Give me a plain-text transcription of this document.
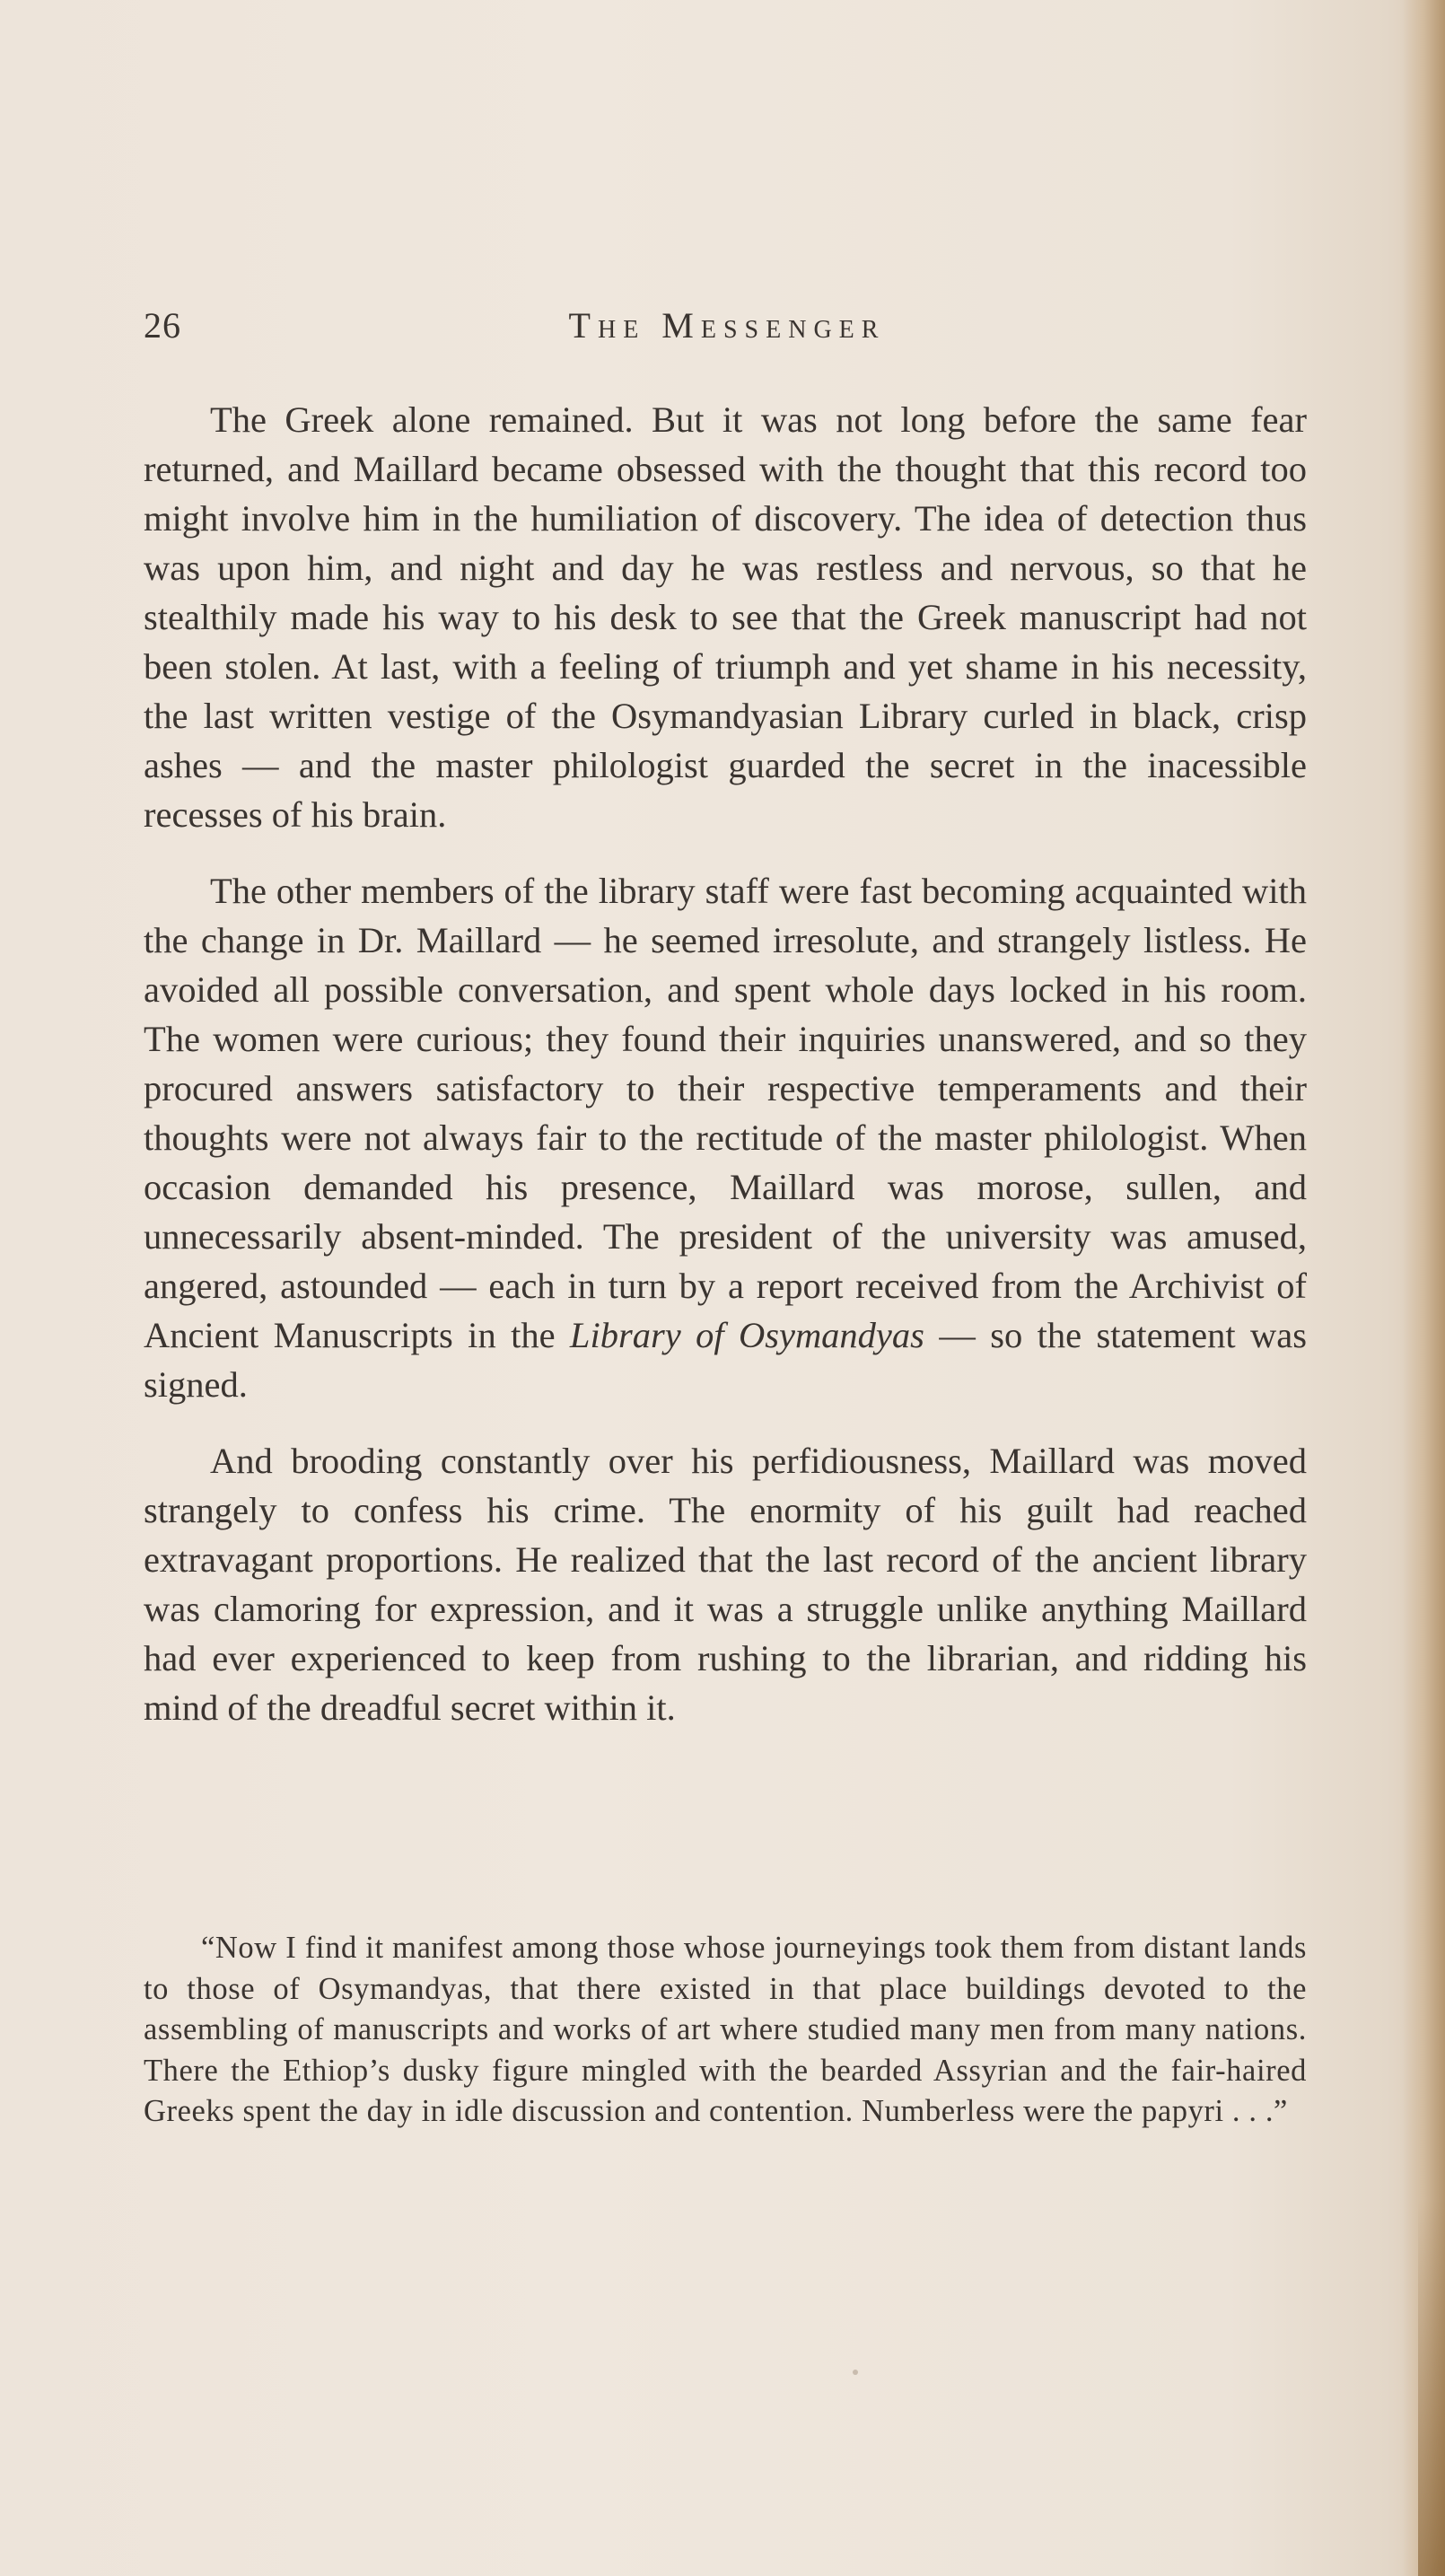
26	The Messenger

The Greek alone remained. But it was not long before the same fear returned, and Maillard became obsessed with the thought that this record too might involve him in the humiliation of discovery. The idea of detection thus was upon him, and night and day he was restless and nervous, so that he stealthily made his way to his desk to see that the Greek manuscript had not been stolen. At last, with a feeling of triumph and yet shame in his necessity, the last written vestige of the Osymandyasian Library curled in black, crisp ashes — and the master philologist guarded the secret in the inacessible recesses of his brain.

The other members of the library staff were fast becoming acquainted with the change in Dr. Maillard — he seemed irresolute, and strangely listless. He avoided all possible conversation, and spent whole days locked in his room. The women were curious; they found their inquiries unanswered, and so they procured answers satisfactory to their respective temperaments and their thoughts were not always fair to the rectitude of the master philologist. When occasion demanded his presence, Maillard was morose, sullen, and unnecessarily absent-minded. The president of the university was amused, angered, astounded — each in turn by a report received from the Archivist of Ancient Manuscripts in the Library of Osymandyas — so the statement was signed.

And brooding constantly over his perfidiousness, Maillard was moved strangely to confess his crime. The enormity of his guilt had reached extravagant proportions. He realized that the last record of the ancient library was clamoring for expression, and it was a struggle unlike anything Maillard had ever experienced to keep from rushing to the librarian, and ridding his mind of the dreadful secret within it.

“Now I find it manifest among those whose journeyings took them from distant lands to those of Osymandyas, that there existed in that place buildings devoted to the assembling of manuscripts and works of art where studied many men from many nations. There the Ethiop’s dusky figure mingled with the bearded Assyrian and the fair-haired Greeks spent the day in idle discussion and contention. Numberless were the papyri . . .”
